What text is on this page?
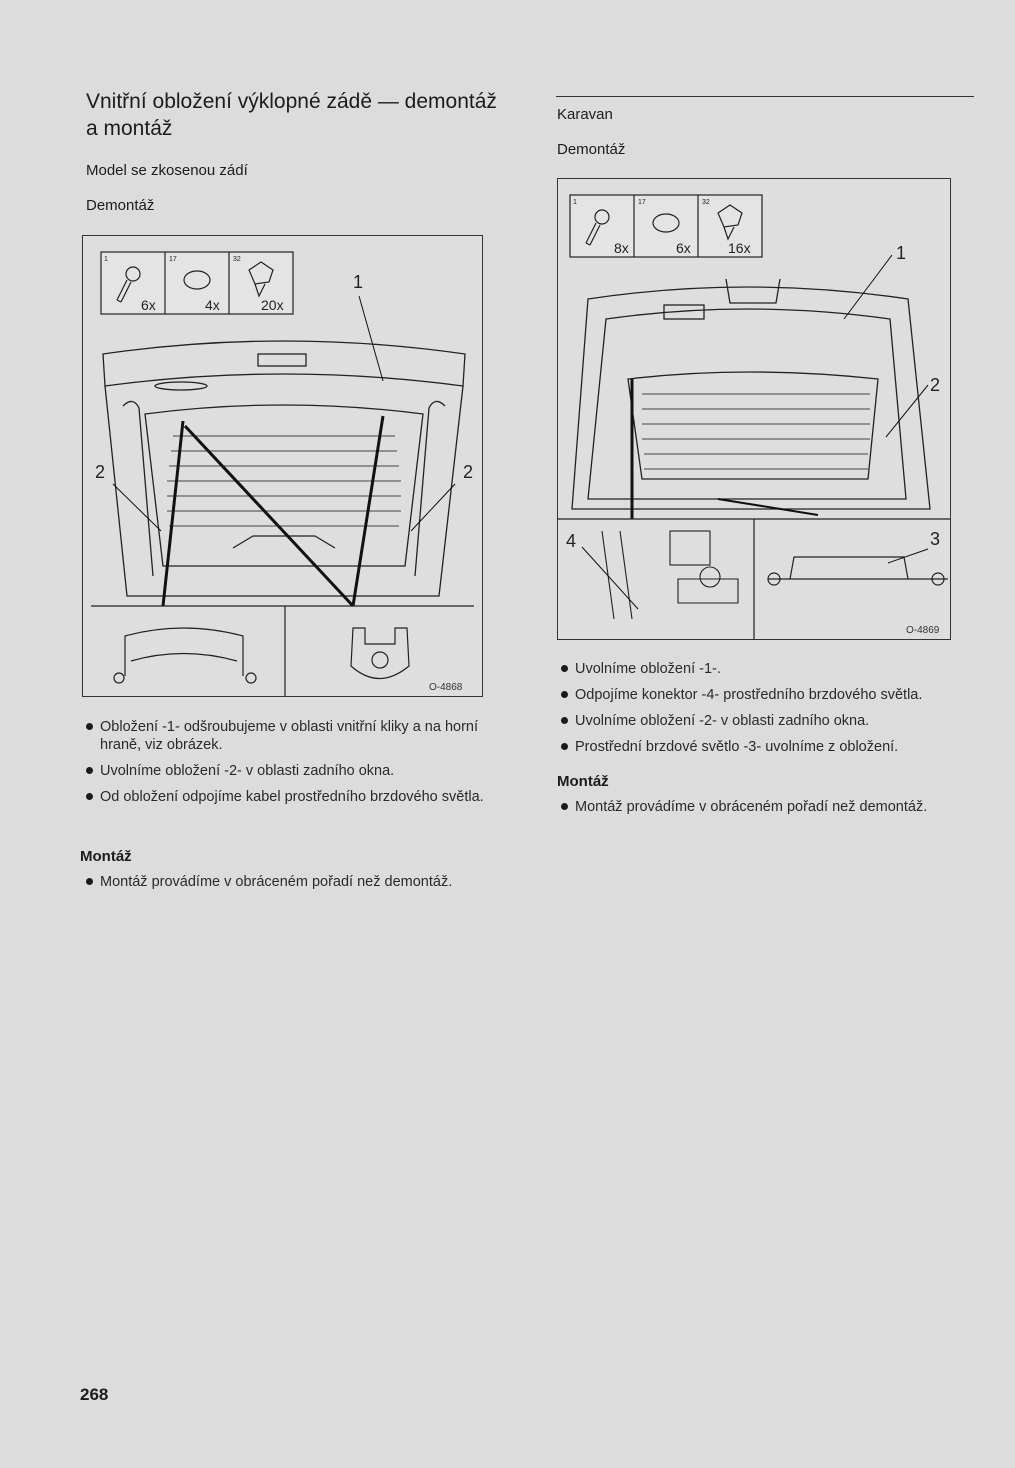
Vnitřní obložení výklopné zádě — demontáž a montáž
Model se zkosenou zádí
Demontáž
1	17	32
6x	4x	20x
1
2	2
O-4868
Obložení -1- odšroubujeme v oblasti vnitřní kliky a na horní hraně, viz obrázek.
Uvolníme obložení -2- v oblasti zadního okna.
Od obložení odpojíme kabel prostředního brzdového světla.
Montáž
Montáž provádíme v obráceném pořadí než demontáž.
Karavan
Demontáž
1	17	32
8x	6x	16x	1
2
3
4
O-4869
Uvolníme obložení -1-.
Odpojíme konektor -4- prostředního brzdového světla.
Uvolníme obložení -2- v oblasti zadního okna.
Prostřední brzdové světlo -3- uvolníme z obložení.
Montáž
Montáž provádíme v obráceném pořadí než demontáž.
268
